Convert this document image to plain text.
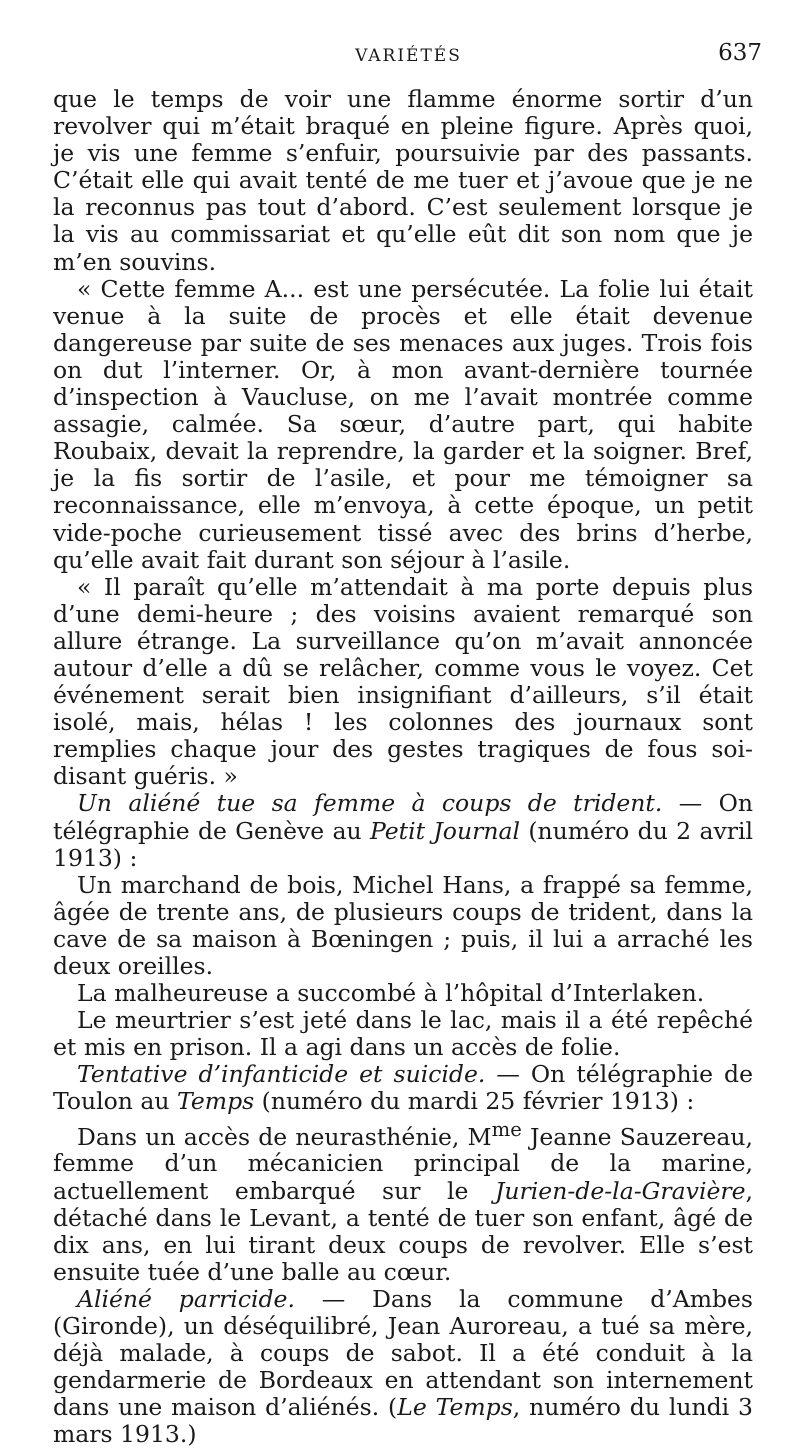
VARIÉTÉS	637

que le temps de voir une flamme énorme sortir d’un revolver qui m’était braqué en pleine figure. Après quoi, je vis une femme s’enfuir, poursuivie par des passants. C’était elle qui avait tenté de me tuer et j’avoue que je ne la reconnus pas tout d’abord. C’est seulement lorsque je la vis au commissariat et qu’elle eût dit son nom que je m’en souvins.

« Cette femme A... est une persécutée. La folie lui était venue à la suite de procès et elle était devenue dangereuse par suite de ses menaces aux juges. Trois fois on dut l’interner. Or, à mon avant-dernière tournée d’inspection à Vaucluse, on me l’avait montrée comme assagie, calmée. Sa sœur, d’autre part, qui habite Roubaix, devait la reprendre, la garder et la soigner. Bref, je la fis sortir de l’asile, et pour me témoigner sa reconnaissance, elle m’envoya, à cette époque, un petit vide-poche curieusement tissé avec des brins d’herbe, qu’elle avait fait durant son séjour à l’asile.

« Il paraît qu’elle m’attendait à ma porte depuis plus d’une demi-heure ; des voisins avaient remarqué son allure étrange. La surveillance qu’on m’avait annoncée autour d’elle a dû se relâcher, comme vous le voyez. Cet événement serait bien insignifiant d’ailleurs, s’il était isolé, mais, hélas ! les colonnes des journaux sont remplies chaque jour des gestes tragiques de fous soi-disant guéris. »

Un aliéné tue sa femme à coups de trident. — On télégraphie de Genève au Petit Journal (numéro du 2 avril 1913) :

Un marchand de bois, Michel Hans, a frappé sa femme, âgée de trente ans, de plusieurs coups de trident, dans la cave de sa maison à Bœningen ; puis, il lui a arraché les deux oreilles.

La malheureuse a succombé à l’hôpital d’Interlaken.

Le meurtrier s’est jeté dans le lac, mais il a été repêché et mis en prison. Il a agi dans un accès de folie.

Tentative d’infanticide et suicide. — On télégraphie de Toulon au Temps (numéro du mardi 25 février 1913) :

Dans un accès de neurasthénie, $M^{me}$ Jeanne Sauzereau, femme d’un mécanicien principal de la marine, actuellement embarqué sur le Jurien-de-la-Gravière, détaché dans le Levant, a tenté de tuer son enfant, âgé de dix ans, en lui tirant deux coups de revolver. Elle s’est ensuite tuée d’une balle au cœur.

Aliéné parricide. — Dans la commune d’Ambes (Gironde), un déséquilibré, Jean Auroreau, a tué sa mère, déjà malade, à coups de sabot. Il a été conduit à la gendarmerie de Bordeaux en attendant son internement dans une maison d’aliénés. (Le Temps, numéro du lundi 3 mars 1913.)
